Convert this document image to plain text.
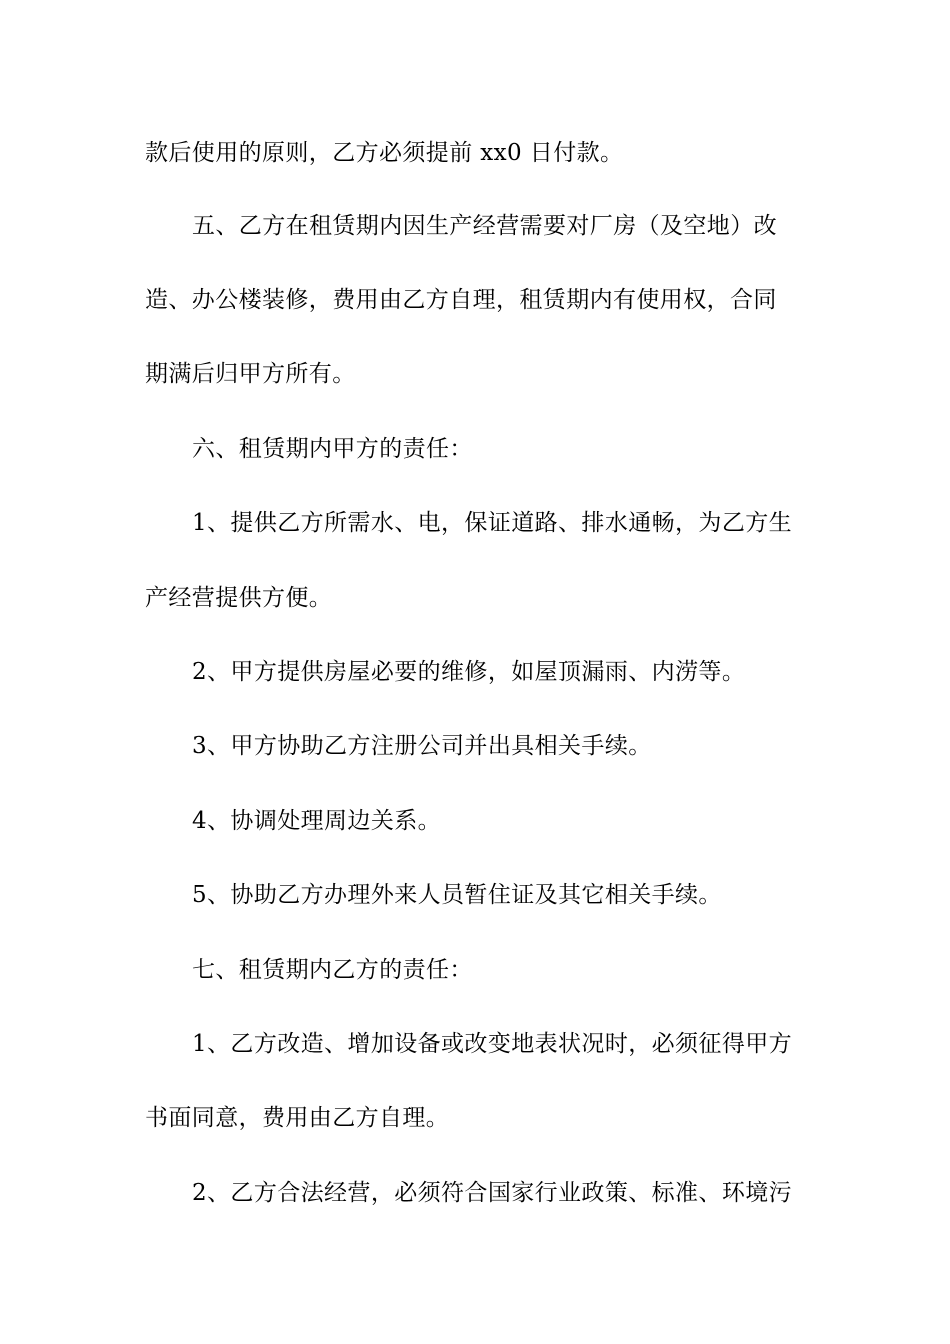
款后使用的原则，乙方必须提前 xx0 日付款。
五、乙方在租赁期内因生产经营需要对厂房（及空地）改
造、办公楼装修，费用由乙方自理，租赁期内有使用权，合同
期满后归甲方所有。
六、租赁期内甲方的责任：
1、提供乙方所需水、电，保证道路、排水通畅，为乙方生
产经营提供方便。
2、甲方提供房屋必要的维修，如屋顶漏雨、内涝等。
3、甲方协助乙方注册公司并出具相关手续。
4、协调处理周边关系。
5、协助乙方办理外来人员暂住证及其它相关手续。
七、租赁期内乙方的责任：
1、乙方改造、增加设备或改变地表状况时，必须征得甲方
书面同意，费用由乙方自理。
2、乙方合法经营，必须符合国家行业政策、标准、环境污
